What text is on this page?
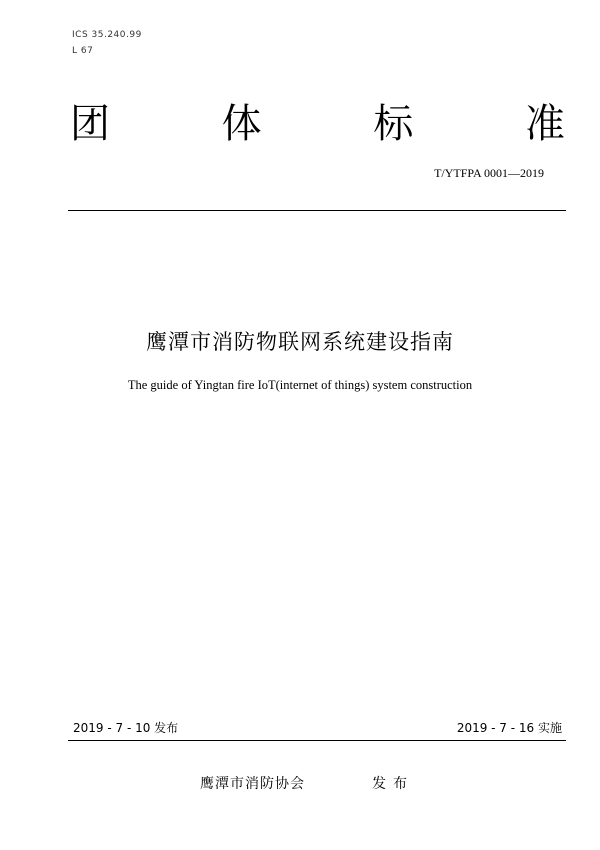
ICS 35.240.99
L 67
团	体	标	准
T/YTFPA 0001—2019
鹰潭市消防物联网系统建设指南
The guide of Yingtan fire IoT(internet of things) system construction
2019 - 7 - 10 发布	2019 - 7 - 16 实施
鹰潭市消防协会	发布
